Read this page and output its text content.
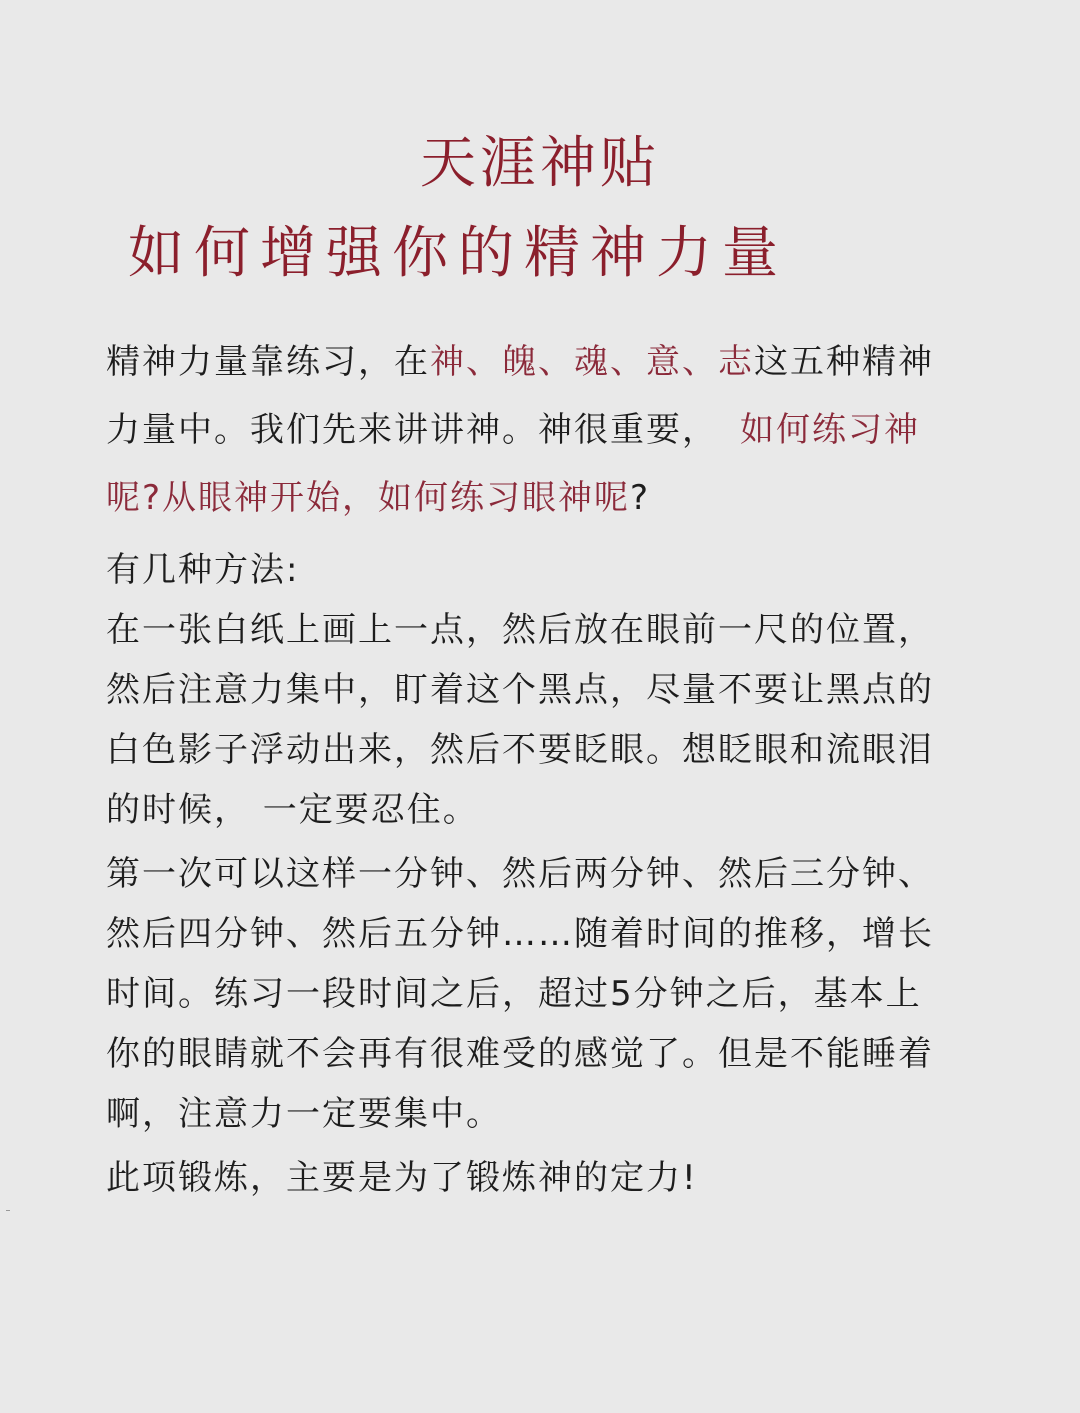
天涯神贴
如何增强你的精神力量
精神力量靠练习，在神、魄、魂、意、志这五种精神
力量中。我们先来讲讲神。神很重要， 如何练习神
呢?从眼神开始，如何练习眼神呢?
有几种方法:
在一张白纸上画上一点，然后放在眼前一尺的位置，
然后注意力集中，盯着这个黑点，尽量不要让黑点的
白色影子浮动出来，然后不要眨眼。想眨眼和流眼泪
的时候， 一定要忍住。
第一次可以这样一分钟、然后两分钟、然后三分钟、
然后四分钟、然后五分钟……随着时间的推移，增长
时间。练习一段时间之后，超过5分钟之后，基本上
你的眼睛就不会再有很难受的感觉了。但是不能睡着
啊，注意力一定要集中。
此项锻炼，主要是为了锻炼神的定力!
